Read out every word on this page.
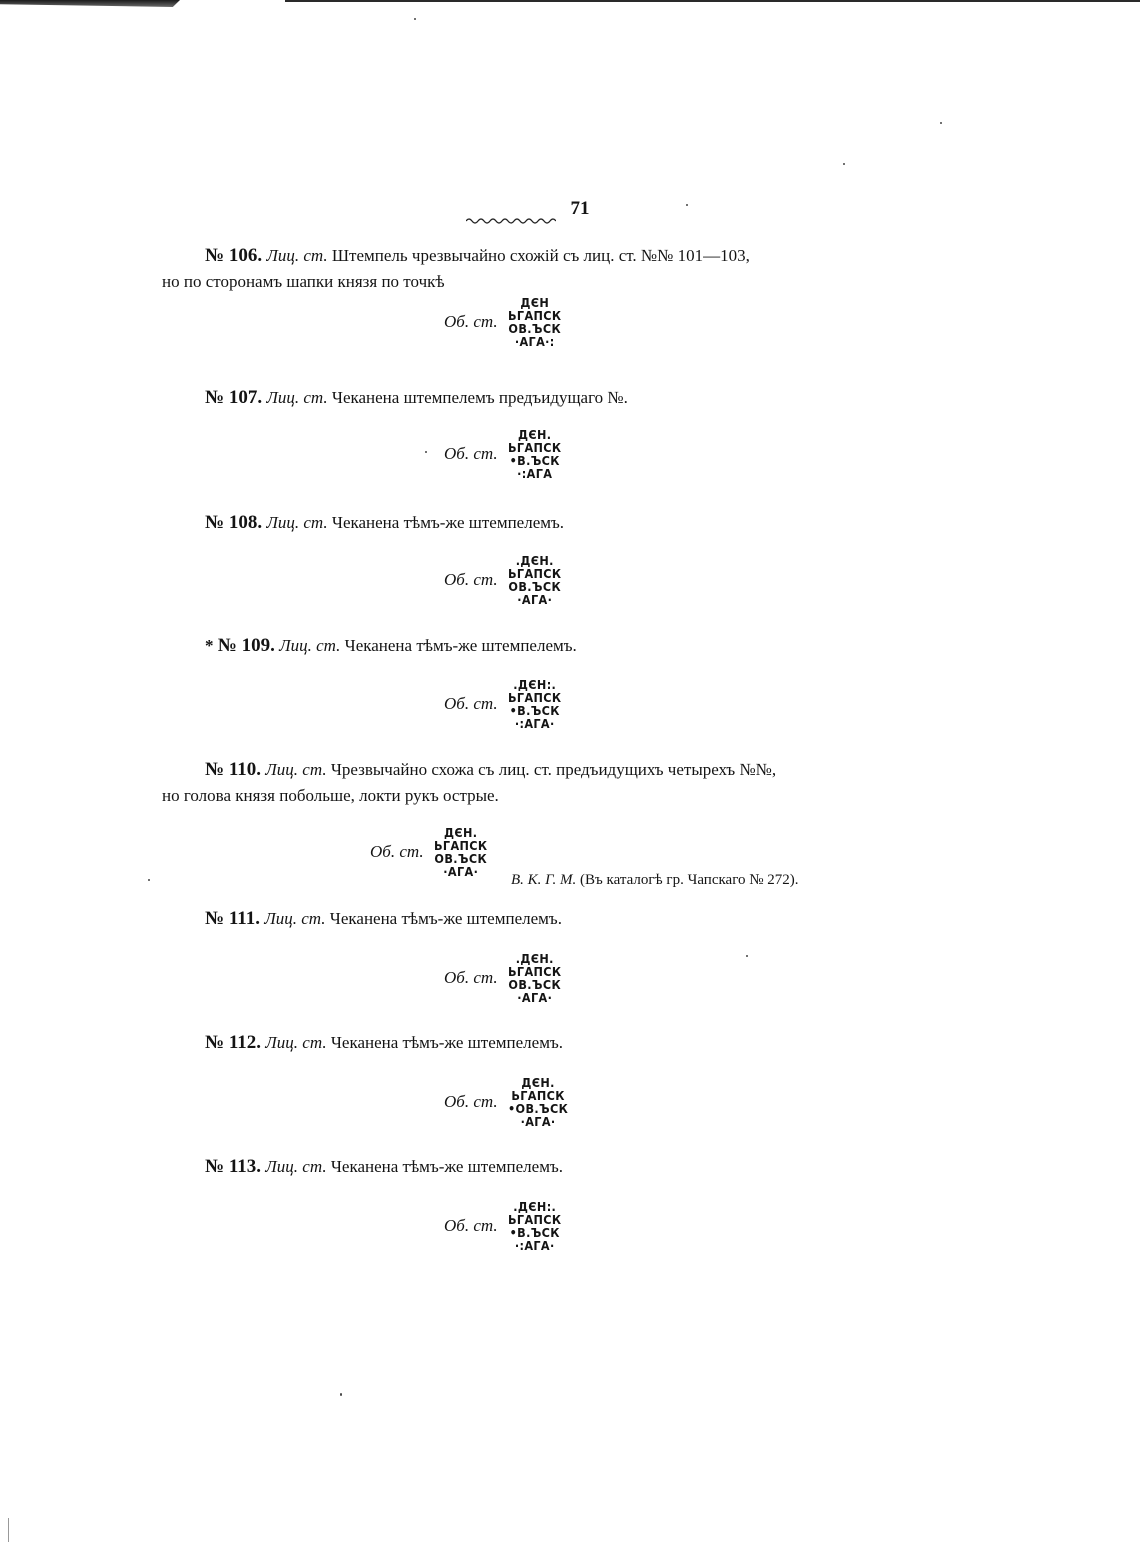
71
№ 106. Лиц. ст. Штемпель чрезвычайно схожій съ лиц. ст. №№ 101—103,
но по сторонамъ шапки князя по точкѣ
Об. ст.
ДЄН
ЬГАПСК
ОВ.ЪСК
·АГА·:
№ 107. Лиц. ст. Чеканена штемпелемъ предъидущаго №.
Об. ст.
ДЄН.
ЬГАПСК
•В.ЪСК
·:АГА
№ 108. Лиц. ст. Чеканена тѣмъ-же штемпелемъ.
Об. ст.
.ДЄН.
ЬГАПСК
ОВ.ЪСК
·АГА·
* № 109. Лиц. ст. Чеканена тѣмъ-же штемпелемъ.
Об. ст.
.ДЄН:.
ЬГАПСК
•В.ЪСК
·:АГА·
№ 110. Лиц. ст. Чрезвычайно схожа съ лиц. ст. предъидущихъ четырехъ №№,
но голова князя побольше, локти рукъ острые.
Об. ст.
ДЄН.
ЬГАПСК
ОВ.ЪСК
·АГА·
В. К. Г. М. (Въ каталогѣ гр. Чапскаго № 272).
№ 111. Лиц. ст. Чеканена тѣмъ-же штемпелемъ.
Об. ст.
.ДЄН.
ЬГАПСК
ОВ.ЪСК
·АГА·
№ 112. Лиц. ст. Чеканена тѣмъ-же штемпелемъ.
Об. ст.
ДЄН.
ЬГАПСК
•ОВ.ЪСК
·АГА·
№ 113. Лиц. ст. Чеканена тѣмъ-же штемпелемъ.
Об. ст.
.ДЄН:.
ЬГАПСК
•В.ЪСК
·:АГА·
